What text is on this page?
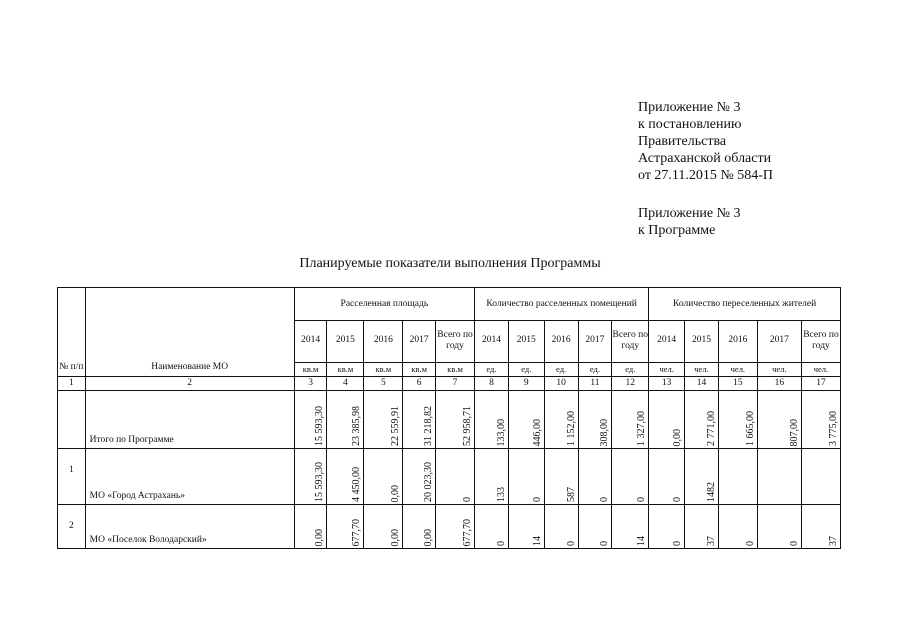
Приложение № 3
к постановлению
Правительства
Астраханской области
от 27.11.2015 № 584-П
Приложение № 3
к Программе
Планируемые показатели выполнения Программы
№ п/п	Наименование МО	Расселенная площадь					Количество расселенных помещений					Количество переселенных жителей				

		2014	2015	2016	2017	Всего по году	2014	2015	2016	2017	Всего по году	2014	2015	2016	2017	Всего по году

		кв.м	кв.м	кв.м	кв.м	кв.м	ед.	ед.	ед.	ед.	ед.	чел.	чел.	чел.	чел.	чел.
1	2	3	4	5	6	7	8	9	10	11	12	13	14	15	16	17
	Итого по Программе	15 593,30	23 385,98	22 559,91	31 218,82	52 958,71	133,00	446,00	1 152,00	308,00	1 327,00	0,00	2 771,00	1 665,00	807,00	3 775,00

1	МО «Город Астрахань»	15 593,30	4 450,00	0,00	20 023,30	0	133	0	587	0	0	0	1482			

2	МО «Поселок Володарский»	0,00	677,70	0,00	0,00	677,70	0	14	0	0	14	0	37	0	0	37
